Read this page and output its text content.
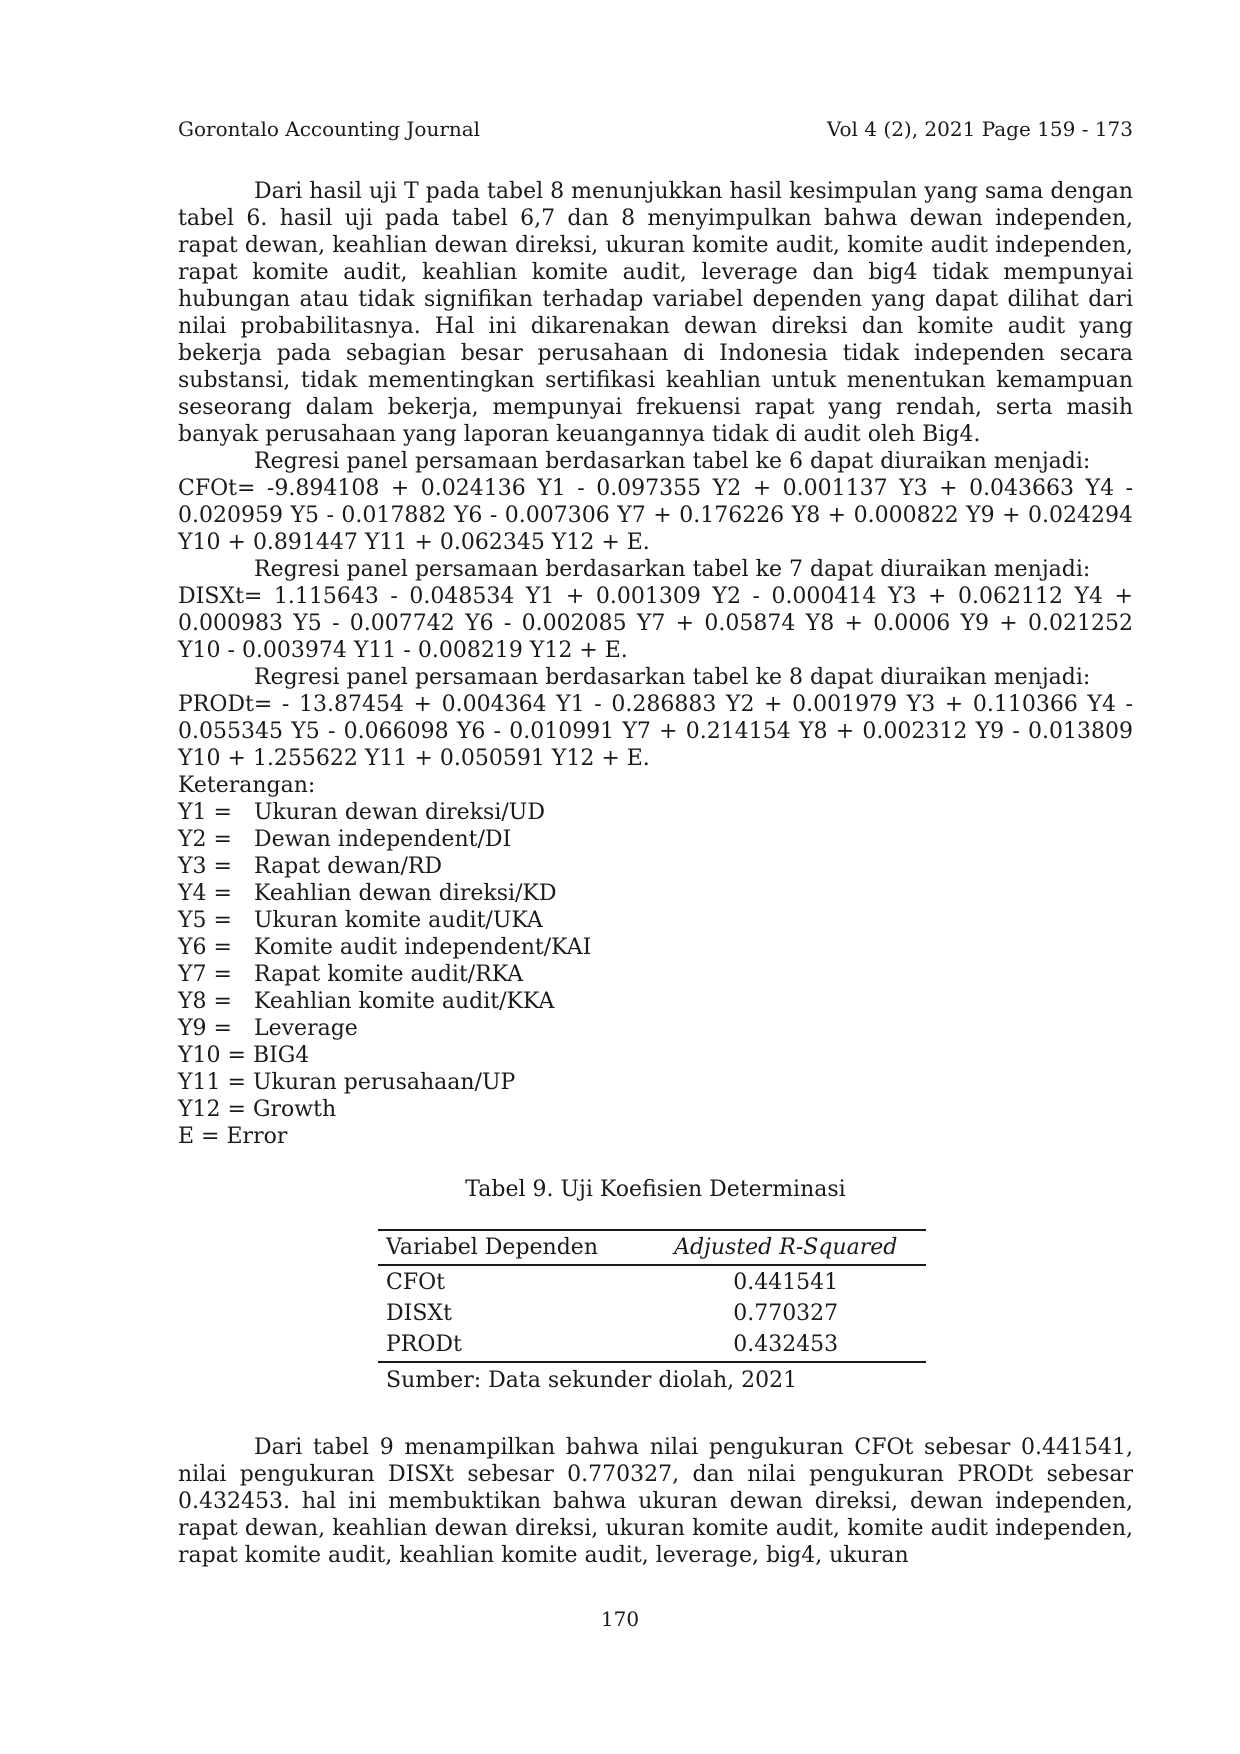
Gorontalo Accounting Journal	Vol 4 (2), 2021 Page 159 - 173

Dari hasil uji T pada tabel 8 menunjukkan hasil kesimpulan yang sama dengan tabel 6. hasil uji pada tabel 6,7 dan 8 menyimpulkan bahwa dewan independen, rapat dewan, keahlian dewan direksi, ukuran komite audit, komite audit independen, rapat komite audit, keahlian komite audit, leverage dan big4 tidak mempunyai hubungan atau tidak signifikan terhadap variabel dependen yang dapat dilihat dari nilai probabilitasnya. Hal ini dikarenakan dewan direksi dan komite audit yang bekerja pada sebagian besar perusahaan di Indonesia tidak independen secara substansi, tidak mementingkan sertifikasi keahlian untuk menentukan kemampuan seseorang dalam bekerja, mempunyai frekuensi rapat yang rendah, serta masih banyak perusahaan yang laporan keuangannya tidak di audit oleh Big4.

Regresi panel persamaan berdasarkan tabel ke 6 dapat diuraikan menjadi:

CFOt= -9.894108 + 0.024136 Y1 - 0.097355 Y2 + 0.001137 Y3 + 0.043663 Y4 - 0.020959 Y5 - 0.017882 Y6 - 0.007306 Y7 + 0.176226 Y8 + 0.000822 Y9 + 0.024294 Y10 + 0.891447 Y11 + 0.062345 Y12 + E.

Regresi panel persamaan berdasarkan tabel ke 7 dapat diuraikan menjadi:

DISXt= 1.115643 - 0.048534 Y1 + 0.001309 Y2 - 0.000414 Y3 + 0.062112 Y4 + 0.000983 Y5 - 0.007742 Y6 - 0.002085 Y7 + 0.05874 Y8 + 0.0006 Y9 + 0.021252 Y10 - 0.003974 Y11 - 0.008219 Y12 + E.

Regresi panel persamaan berdasarkan tabel ke 8 dapat diuraikan menjadi:

PRODt= - 13.87454 + 0.004364 Y1 - 0.286883 Y2 + 0.001979 Y3 + 0.110366 Y4 - 0.055345 Y5 - 0.066098 Y6 - 0.010991 Y7 + 0.214154 Y8 + 0.002312 Y9 - 0.013809 Y10 + 1.255622 Y11 + 0.050591 Y12 + E.

Keterangan:

Y1 =	Ukuran dewan direksi/UD
Y2 =	Dewan independent/DI
Y3 =	Rapat dewan/RD
Y4 =	Keahlian dewan direksi/KD
Y5 =	Ukuran komite audit/UKA
Y6 =	Komite audit independent/KAI
Y7 =	Rapat komite audit/RKA
Y8 =	Keahlian komite audit/KKA
Y9 =	Leverage
Y10 =
BIG4
Y11 =
Ukuran perusahaan/UP
Y12 =
Growth
E =
Error
Tabel 9. Uji Koefisien Determinasi
Variabel Dependen	Adjusted R-Squared
CFOt	0.441541
DISXt	0.770327
PRODt	0.432453
Sumber: Data sekunder diolah, 2021

Dari tabel 9 menampilkan bahwa nilai pengukuran CFOt sebesar 0.441541, nilai pengukuran DISXt sebesar 0.770327, dan nilai pengukuran PRODt sebesar 0.432453. hal ini membuktikan bahwa ukuran dewan direksi, dewan independen, rapat dewan, keahlian dewan direksi, ukuran komite audit, komite audit independen, rapat komite audit, keahlian komite audit, leverage, big4, ukuran

170
